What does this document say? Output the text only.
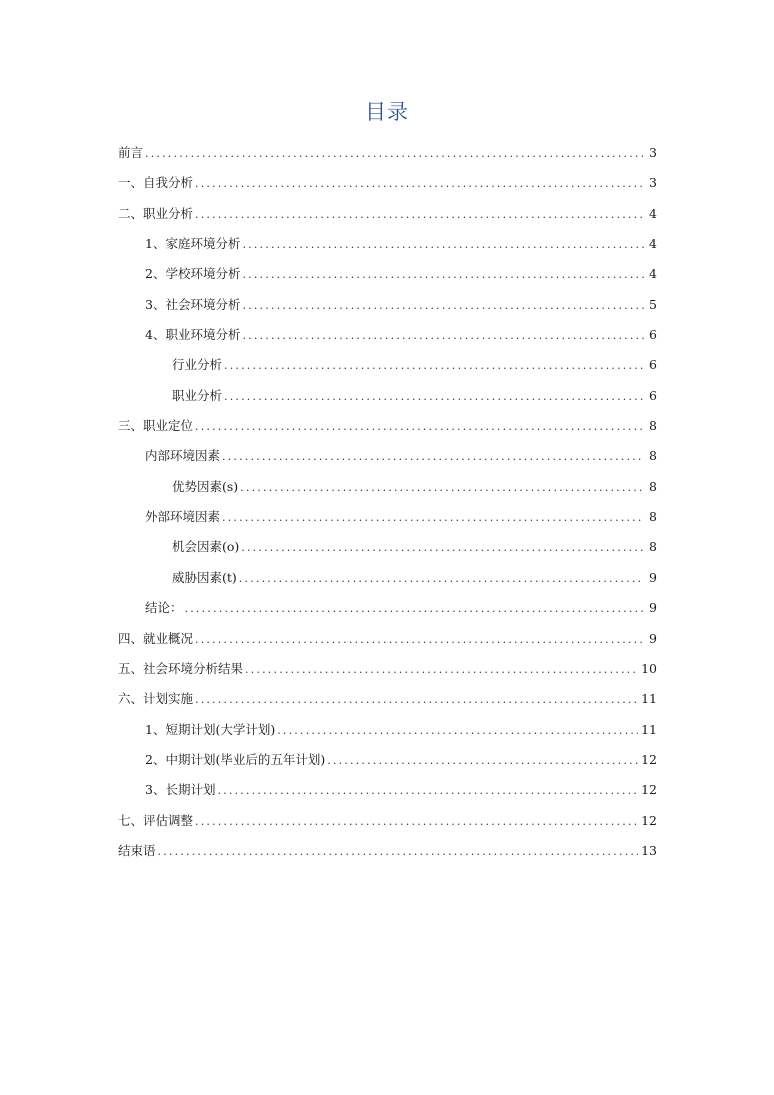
目录
前言 .....	3
一、自我分析 .....	3
二、职业分析 .....	4
1、家庭环境分析 .....	4
2、学校环境分析 .....	4
3、社会环境分析 .....	5
4、职业环境分析 .....	6
行业分析 .....	6
职业分析 .....	6
三、职业定位 .....	8
内部环境因素 .....	8
优势因素(s) .....	8
外部环境因素 .....	8
机会因素(o) .....	8
威胁因素(t) .....	9
结论： .....	9
四、就业概况 .....	9
五、社会环境分析结果 .....	10
六、计划实施 .....	11
1、短期计划(大学计划) .....	11
2、中期计划(毕业后的五年计划) .....	12
3、长期计划 .....	12
七、评估调整 .....	12
结束语 .....	13
